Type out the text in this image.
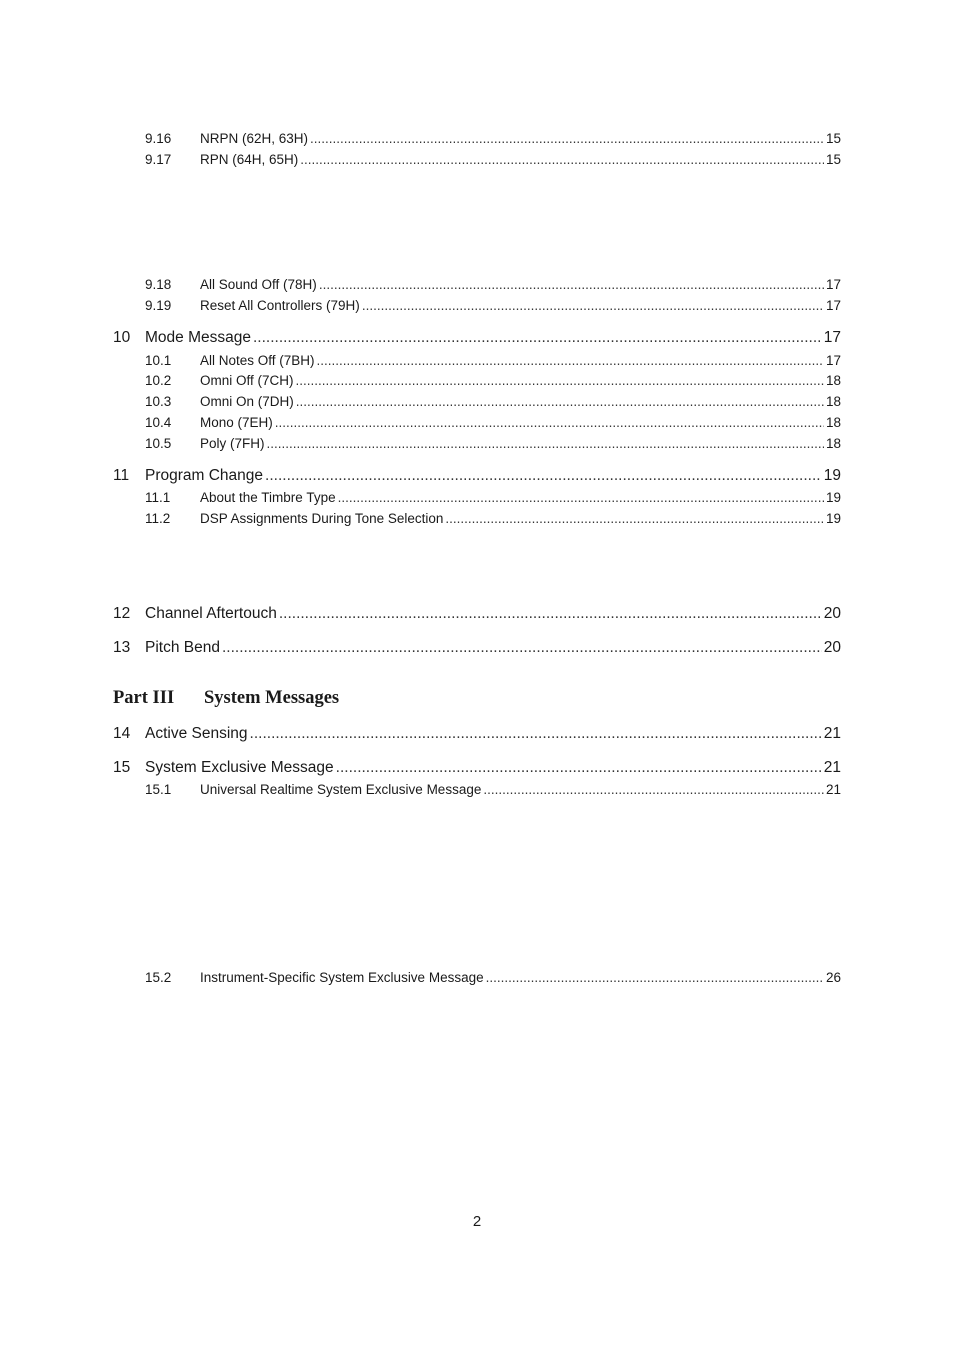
9.16	NRPN (62H, 63H) .....	15
9.17	RPN (64H, 65H) .....	15
9.18	All Sound Off (78H) .....	17
9.19	Reset All Controllers (79H) .....	17
10 Mode Message .....	17
10.1	All Notes Off (7BH) .....	17
10.2	Omni Off (7CH) .....	18
10.3	Omni On (7DH) .....	18
10.4	Mono (7EH) .....	18
10.5	Poly (7FH) .....	18
11	Program Change .....	19
11.1	About the Timbre Type .....	19
11.2	DSP Assignments During Tone Selection .....	19
12 Channel Aftertouch .....	20
13 Pitch Bend .....	20
Part III	System Messages
14 Active Sensing .....	21
15 System Exclusive Message .....	21
15.1	Universal Realtime System Exclusive Message .....	21
15.2	Instrument-Specific System Exclusive Message .....	26
2
